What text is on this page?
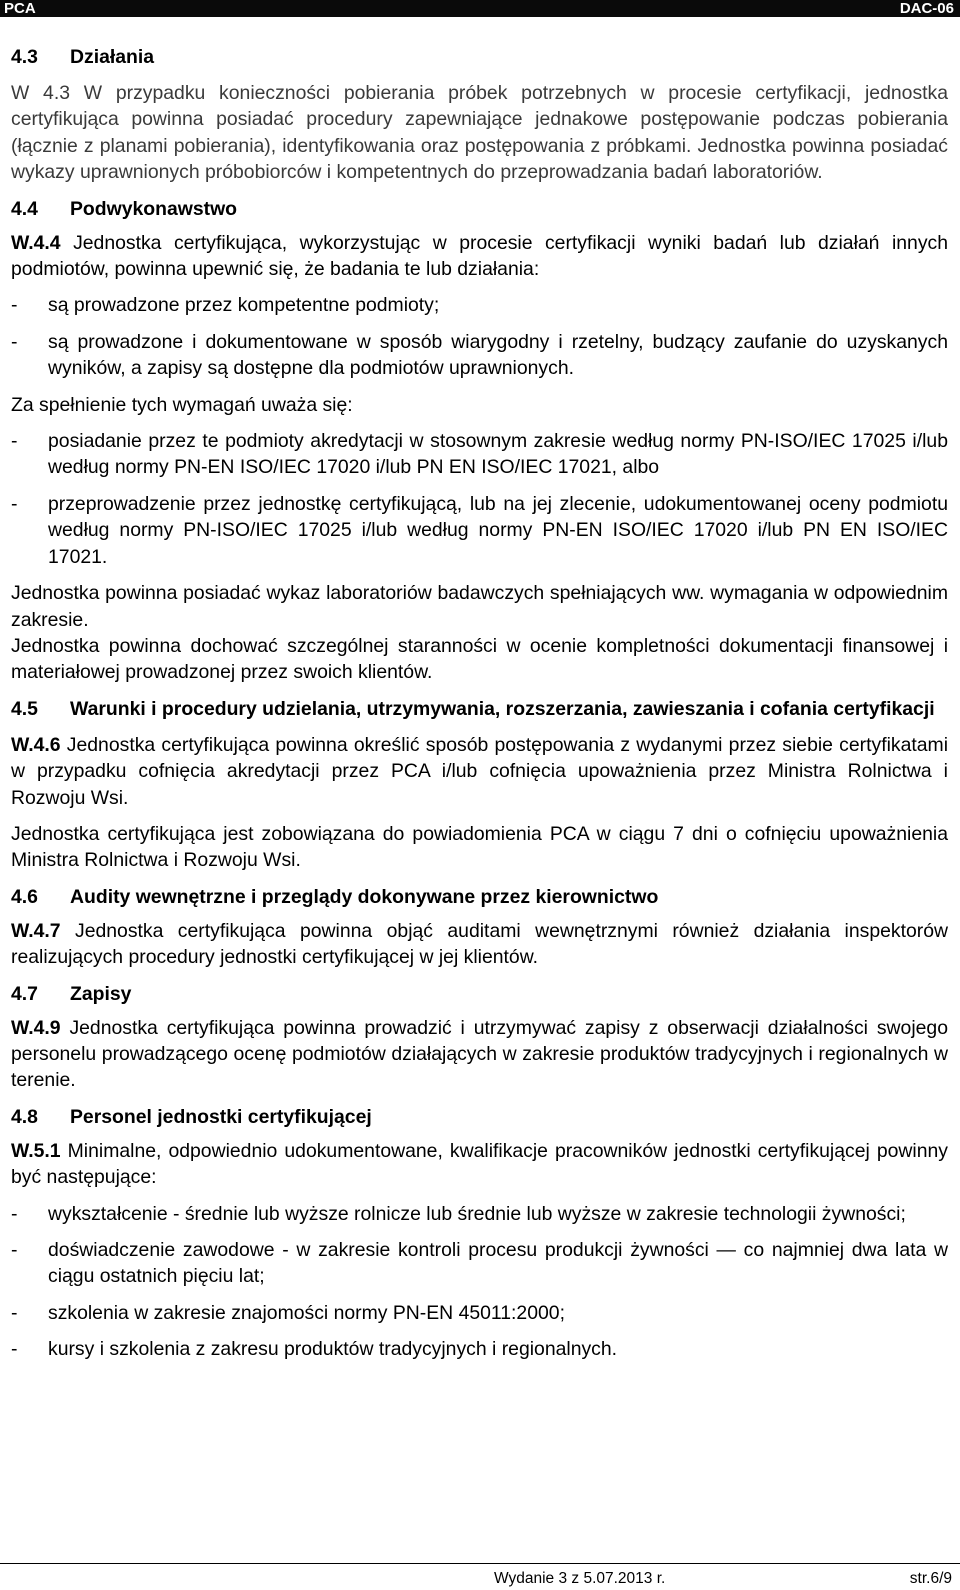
PCA	DAC-06
4.3	Działania

W 4.3 W przypadku konieczności pobierania próbek potrzebnych w procesie certyfikacji, jednostka certyfikująca powinna posiadać procedury zapewniające jednakowe postępowanie podczas pobierania (łącznie z planami pobierania), identyfikowania oraz postępowania z próbkami. Jednostka powinna posiadać wykazy uprawnionych próbobiorców i kompetentnych do przeprowadzania badań laboratoriów.

4.4	Podwykonawstwo

W.4.4 Jednostka certyfikująca, wykorzystując w procesie certyfikacji wyniki badań lub działań innych podmiotów, powinna upewnić się, że badania te lub działania:

- są prowadzone przez kompetentne podmioty;
- są prowadzone i dokumentowane w sposób wiarygodny i rzetelny, budzący zaufanie do uzyskanych wyników, a zapisy są dostępne dla podmiotów uprawnionych.

Za spełnienie tych wymagań uważa się:

- posiadanie przez te podmioty akredytacji w stosownym zakresie według normy PN-ISO/IEC 17025 i/lub według normy PN-EN ISO/IEC 17020 i/lub PN EN ISO/IEC 17021, albo
- przeprowadzenie przez jednostkę certyfikującą, lub na jej zlecenie, udokumentowanej oceny podmiotu według normy PN-ISO/IEC 17025 i/lub według normy PN-EN ISO/IEC 17020 i/lub PN EN ISO/IEC 17021.

Jednostka powinna posiadać wykaz laboratoriów badawczych spełniających ww. wymagania w odpowiednim zakresie.

Jednostka powinna dochować szczególnej staranności w ocenie kompletności dokumentacji finansowej i materiałowej prowadzonej przez swoich klientów.

4.5	Warunki i procedury udzielania, utrzymywania, rozszerzania, zawieszania i cofania certyfikacji

W.4.6 Jednostka certyfikująca powinna określić sposób postępowania z wydanymi przez siebie certyfikatami w przypadku cofnięcia akredytacji przez PCA i/lub cofnięcia upoważnienia przez Ministra Rolnictwa i Rozwoju Wsi.

Jednostka certyfikująca jest zobowiązana do powiadomienia PCA w ciągu 7 dni o cofnięciu upoważnienia Ministra Rolnictwa i Rozwoju Wsi.

4.6	Audity wewnętrzne i przeglądy dokonywane przez kierownictwo

W.4.7 Jednostka certyfikująca powinna objąć auditami wewnętrznymi również działania inspektorów realizujących procedury jednostki certyfikującej w jej klientów.

4.7	Zapisy

W.4.9 Jednostka certyfikująca powinna prowadzić i utrzymywać zapisy z obserwacji działalności swojego personelu prowadzącego ocenę podmiotów działających w zakresie produktów tradycyjnych i regionalnych w terenie.

4.8	Personel jednostki certyfikującej

W.5.1 Minimalne, odpowiednio udokumentowane, kwalifikacje pracowników jednostki certyfikującej powinny być następujące:

- wykształcenie - średnie lub wyższe rolnicze lub średnie lub wyższe w zakresie technologii żywności;
- doświadczenie zawodowe - w zakresie kontroli procesu produkcji żywności — co najmniej dwa lata w ciągu ostatnich pięciu lat;
- szkolenia w zakresie znajomości normy PN-EN 45011:2000;
- kursy i szkolenia z zakresu produktów tradycyjnych i regionalnych.
Wydanie 3 z 5.07.2013 r.	str.6/9
